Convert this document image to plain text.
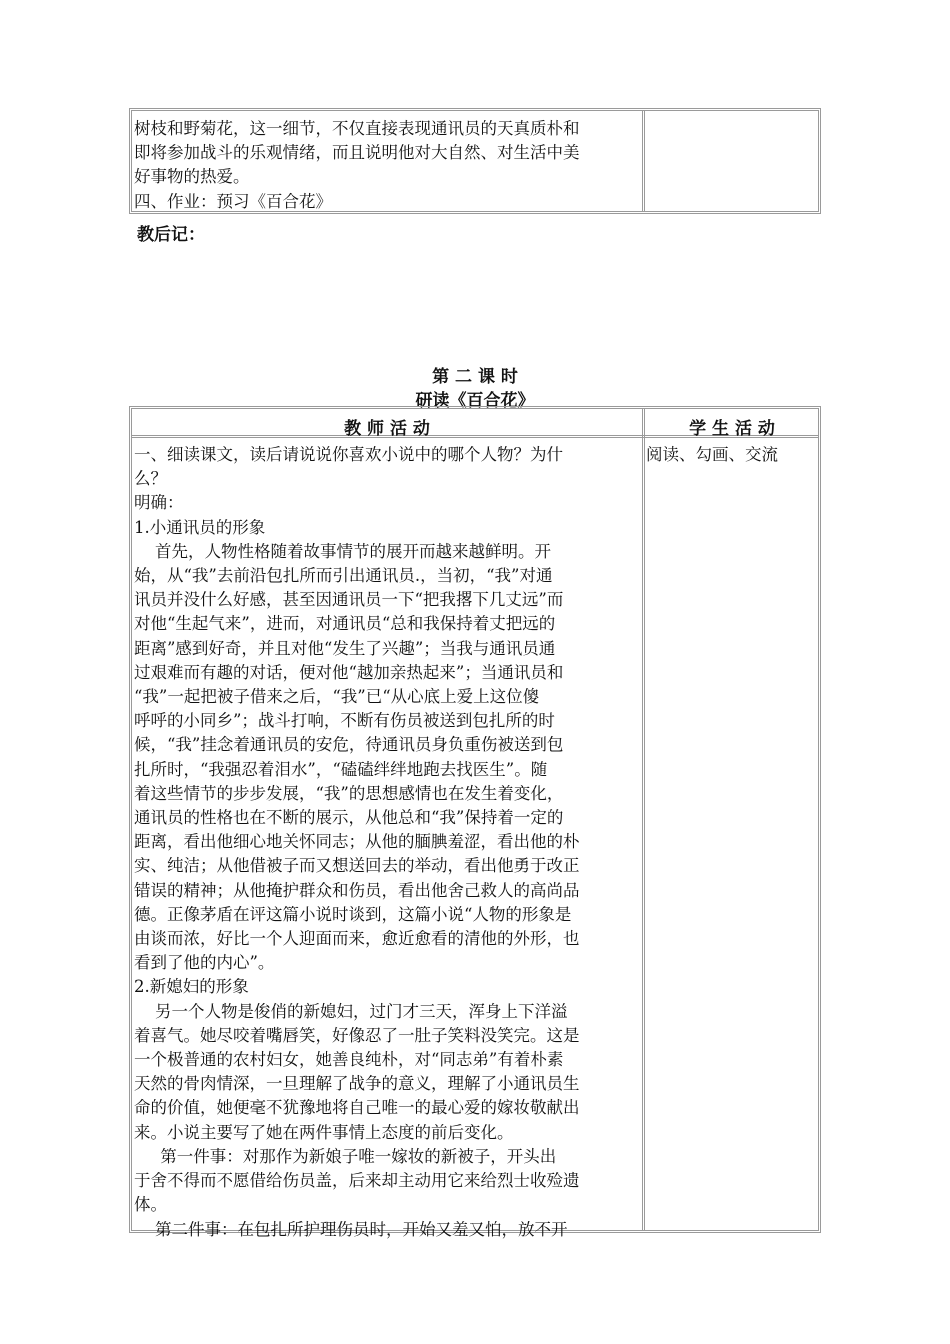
树枝和野菊花，这一细节，不仅直接表现通讯员的天真质朴和
即将参加战斗的乐观情绪，而且说明他对大自然、对生活中美
好事物的热爱。
四、作业：预习《百合花》
教后记：
第 二 课 时
研读《百合花》
教 师 活 动	学 生 活 动
一、细读课文，读后请说说你喜欢小说中的哪个人物？为什
么？
明确：
1.小通讯员的形象
首先，人物性格随着故事情节的展开而越来越鲜明。开
始，从“我”去前沿包扎所而引出通讯员.，当初，“我”对通
讯员并没什么好感，甚至因通讯员一下“把我撂下几丈远”而
对他“生起气来”，进而，对通讯员“总和我保持着丈把远的
距离”感到好奇，并且对他“发生了兴趣”；当我与通讯员通
过艰难而有趣的对话，便对他“越加亲热起来”；当通讯员和
“我”一起把被子借来之后，“我”已“从心底上爱上这位傻
呼呼的小同乡”；战斗打响，不断有伤员被送到包扎所的时
候，“我”挂念着通讯员的安危，待通讯员身负重伤被送到包
扎所时，“我强忍着泪水”，“磕磕绊绊地跑去找医生”。随
着这些情节的步步发展，“我”的思想感情也在发生着变化，
通讯员的性格也在不断的展示，从他总和“我”保持着一定的
距离，看出他细心地关怀同志；从他的腼腆羞涩，看出他的朴
实、纯洁；从他借被子而又想送回去的举动，看出他勇于改正
错误的精神；从他掩护群众和伤员，看出他舍己救人的高尚品
德。正像茅盾在评这篇小说时谈到，这篇小说“人物的形象是
由谈而浓，好比一个人迎面而来，愈近愈看的清他的外形，也
看到了他的内心”。
2.新媳妇的形象
另一个人物是俊俏的新媳妇，过门才三天，浑身上下洋溢
着喜气。她尽咬着嘴唇笑，好像忍了一肚子笑料没笑完。这是
一个极普通的农村妇女，她善良纯朴，对“同志弟”有着朴素
天然的骨肉情深，一旦理解了战争的意义，理解了小通讯员生
命的价值，她便毫不犹豫地将自己唯一的最心爱的嫁妆敬献出
来。小说主要写了她在两件事情上态度的前后变化。
第一件事：对那作为新娘子唯一嫁妆的新被子，开头出
于舍不得而不愿借给伤员盖，后来却主动用它来给烈士收殓遗
体。
第二件事：在包扎所护理伤员时，开始又羞又怕，放不开
阅读、勾画、交流
